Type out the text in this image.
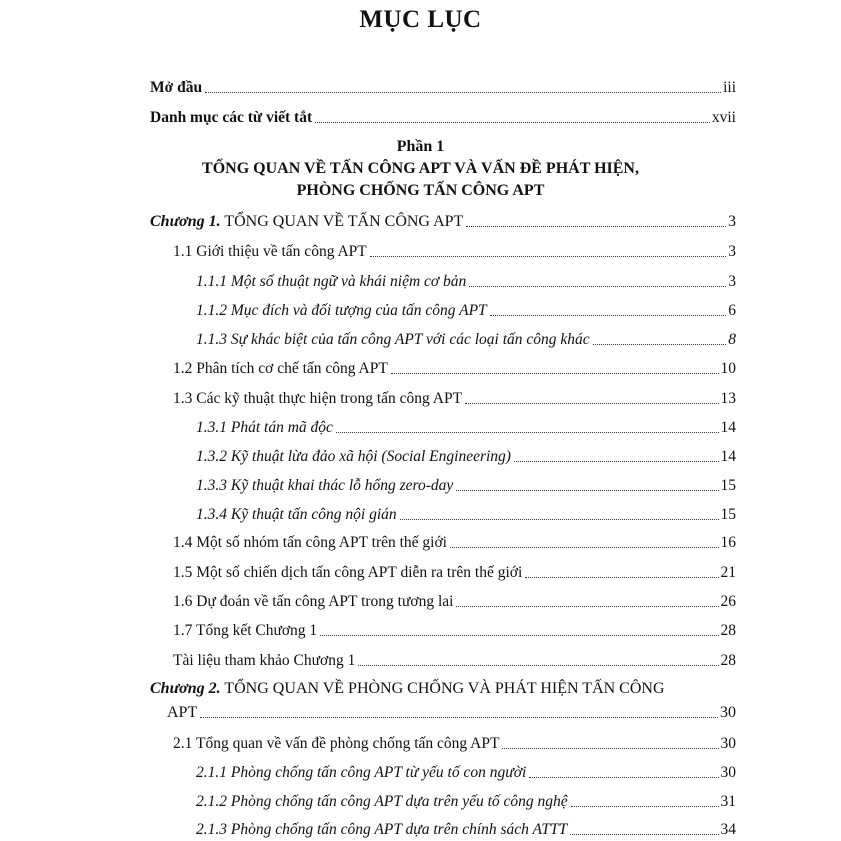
MỤC LỤC
Mở đầu	iii
Danh mục các từ viết tắt	xvii
Phần 1
TỔNG QUAN VỀ TẤN CÔNG APT VÀ VẤN ĐỀ PHÁT HIỆN,
PHÒNG CHỐNG TẤN CÔNG APT
Chương 1. TỔNG QUAN VỀ TẤN CÔNG APT	3
1.1 Giới thiệu về tấn công APT	3
1.1.1 Một số thuật ngữ và khái niệm cơ bản	3
1.1.2 Mục đích và đối tượng của tấn công APT	6
1.1.3 Sự khác biệt của tấn công APT với các loại tấn công khác	8
1.2 Phân tích cơ chế tấn công APT	10
1.3 Các kỹ thuật thực hiện trong tấn công APT	13
1.3.1 Phát tán mã độc	14
1.3.2 Kỹ thuật lừa đảo xã hội (Social Engineering)	14
1.3.3 Kỹ thuật khai thác lỗ hổng zero-day	15
1.3.4 Kỹ thuật tấn công nội gián	15
1.4 Một số nhóm tấn công APT trên thế giới	16
1.5 Một số chiến dịch tấn công APT diễn ra trên thế giới	21
1.6 Dự đoán về tấn công APT trong tương lai	26
1.7 Tổng kết Chương 1	28
Tài liệu tham khảo Chương 1	28
Chương 2. TỔNG QUAN VỀ PHÒNG CHỐNG VÀ PHÁT HIỆN TẤN CÔNG
APT	30
2.1 Tổng quan về vấn đề phòng chống tấn công APT	30
2.1.1 Phòng chống tấn công APT từ yếu tố con người	30
2.1.2 Phòng chống tấn công APT dựa trên yếu tố công nghệ	31
2.1.3 Phòng chống tấn công APT dựa trên chính sách ATTT	34
